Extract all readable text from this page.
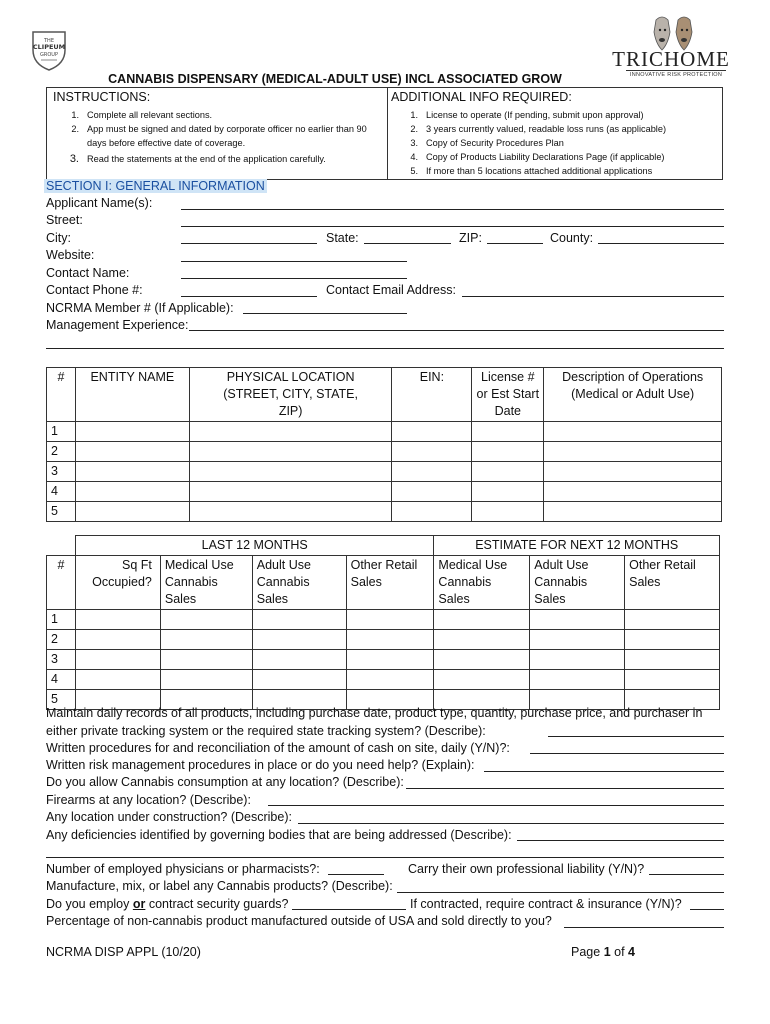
THE
CLIPEUM
GROUP	TRICHOME
INNOVATIVE RISK PROTECTION
CANNABIS DISPENSARY (MEDICAL-ADULT USE) INCL ASSOCIATED GROW
INSTRUCTIONS:
1. Complete all relevant sections.
2. App must be signed and dated by corporate officer no earlier than 90 days before effective date of coverage.
3. Read the statements at the end of the application carefully.
ADDITIONAL INFO REQUIRED:
1. License to operate (If pending, submit upon approval)
2. 3 years currently valued, readable loss runs (as applicable)
3. Copy of Security Procedures Plan
4. Copy of Products Liability Declarations Page (if applicable)
5. If more than 5 locations attached additional applications
SECTION I: GENERAL INFORMATION
Applicant Name(s):
Street:
City:	State:	ZIP:	County:
Website:
Contact Name:
Contact Phone #:	Contact Email Address:
NCRMA Member # (If Applicable):
Management Experience:
#	ENTITY NAME	PHYSICAL LOCATION (STREET, CITY, STATE, ZIP)	EIN:	License # or Est Start Date	Description of Operations (Medical or Adult Use)
1					
2					
3					
4					
5					
	LAST 12 MONTHS				ESTIMATE FOR NEXT 12 MONTHS		
#	Sq Ft Occupied?	Medical Use Cannabis Sales	Adult Use Cannabis Sales	Other Retail Sales	Medical Use Cannabis Sales	Adult Use Cannabis Sales	Other Retail Sales
1							
2							
3							
4							
5							
Maintain daily records of all products, including purchase date, product type, quantity, purchase price, and purchaser in
either private tracking system or the required state tracking system? (Describe):
Written procedures for and reconciliation of the amount of cash on site, daily (Y/N)?:
Written risk management procedures in place or do you need help? (Explain):
Do you allow Cannabis consumption at any location? (Describe):
Firearms at any location? (Describe):
Any location under construction? (Describe):
Any deficiencies identified by governing bodies that are being addressed (Describe):
Number of employed physicians or pharmacists?:	Carry their own professional liability (Y/N)?
Manufacture, mix, or label any Cannabis products? (Describe):
Do you employ or contract security guards?	If contracted, require contract & insurance (Y/N)?
Percentage of non-cannabis product manufactured outside of USA and sold directly to you?
NCRMA DISP APPL (10/20)	Page 1 of 4
